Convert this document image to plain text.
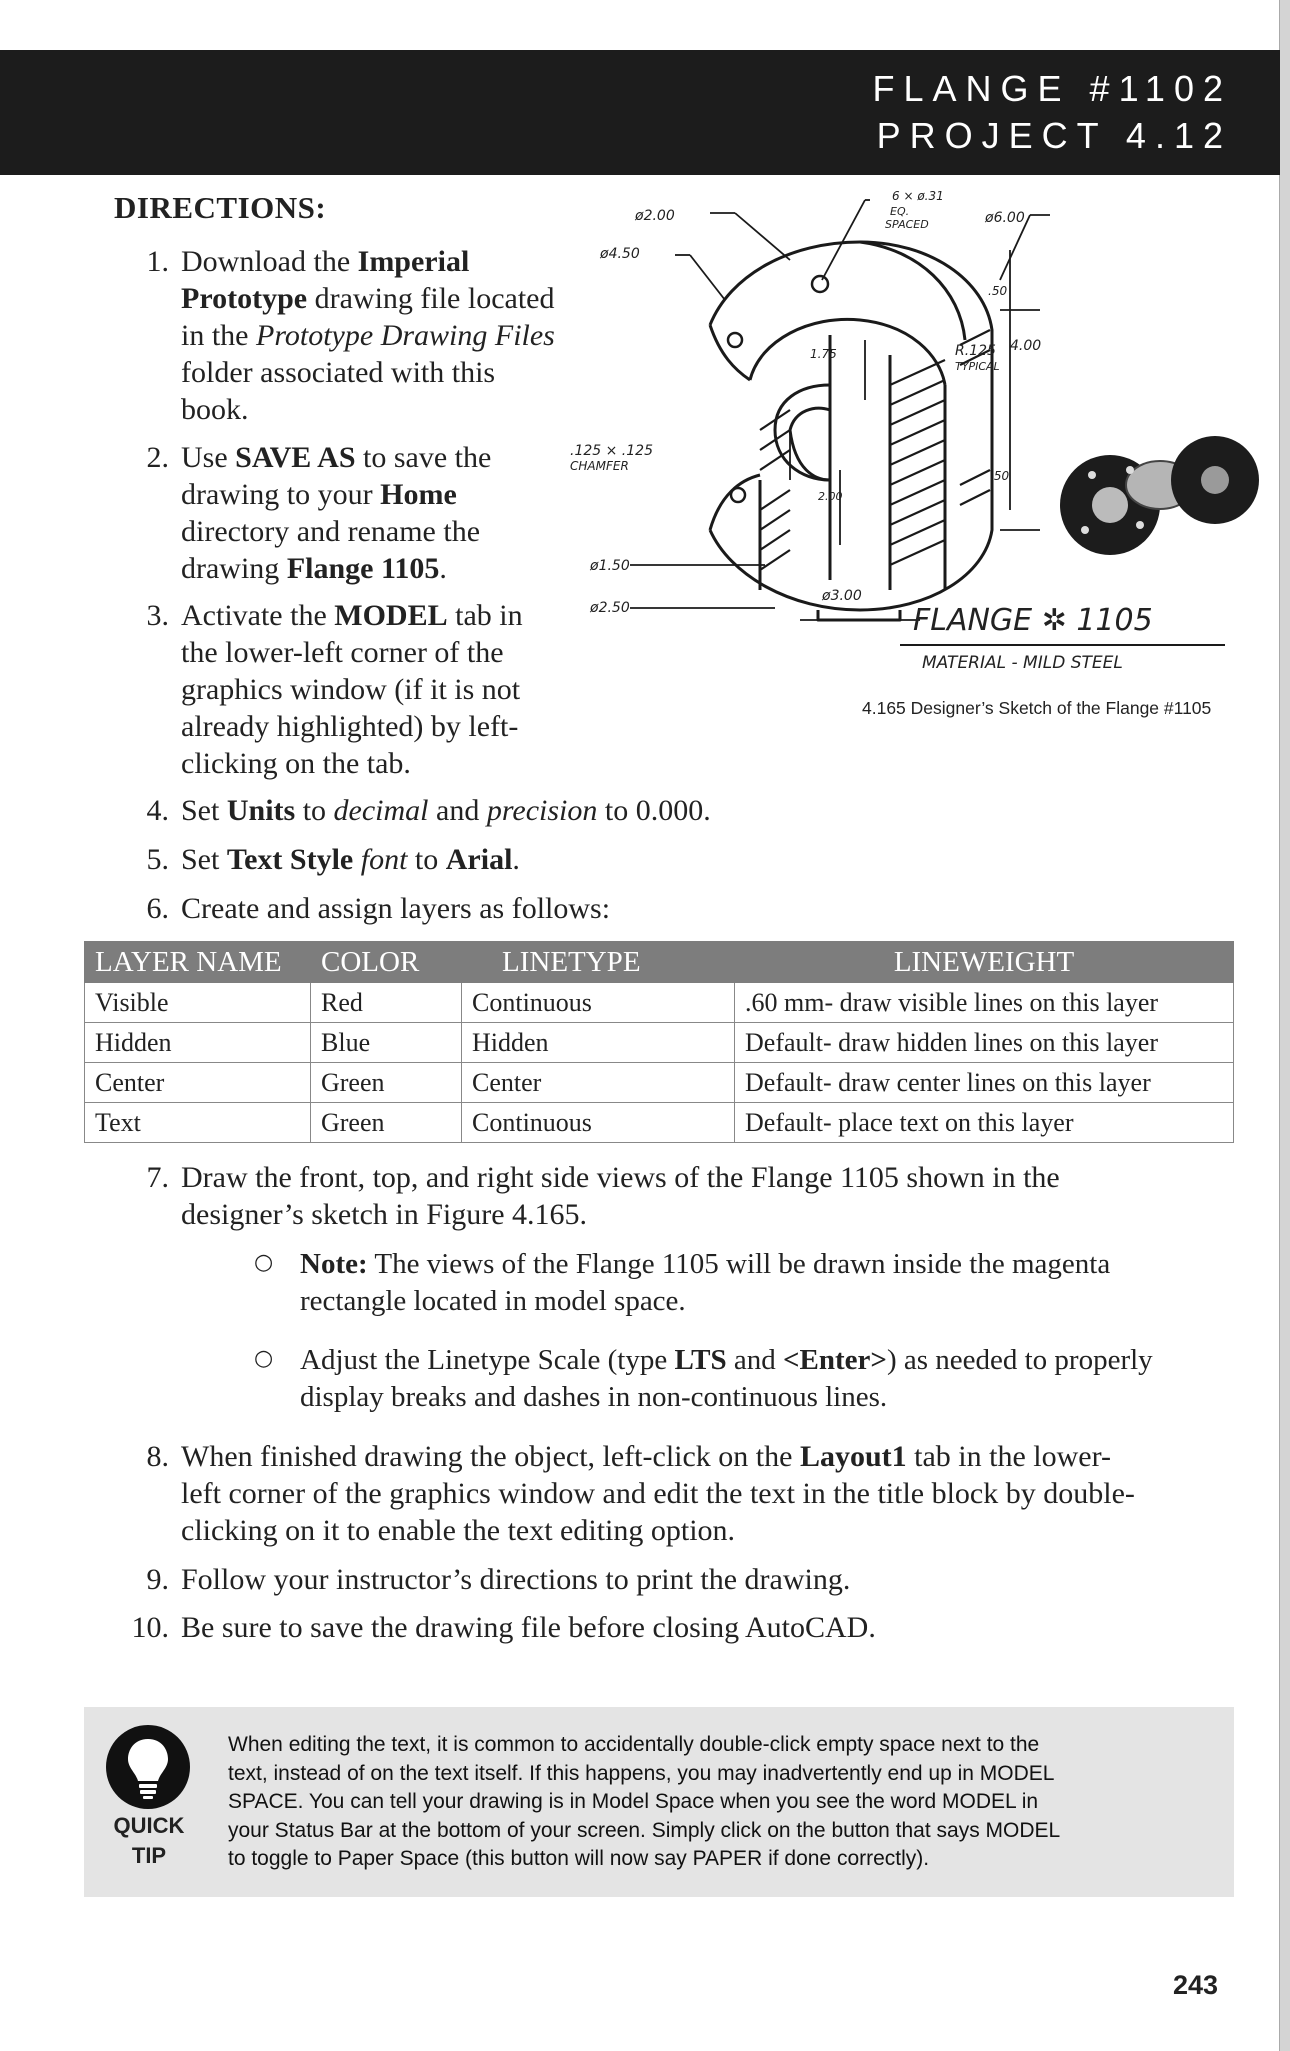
FLANGE #1102
PROJECT 4.12
DIRECTIONS:
1. Download the Imperial
Prototype drawing file located
in the Prototype Drawing Files
folder associated with this
book.
2. Use SAVE AS to save the
drawing to your Home
directory and rename the
drawing Flange 1105.
3. Activate the MODEL tab in
the lower-left corner of the
graphics window (if it is not
already highlighted) by left-
clicking on the tab.
4. Set Units to decimal and precision to 0.000.
5. Set Text Style font to Arial.
6. Create and assign layers as follows:
ø2.00
ø4.50
6 × ø.31
EQ.
SPACED	ø6.00
.50
R.125
TYPICAL
4.00
1.75
.50
.125 × .125
CHAMFER
2.00
ø1.50
ø2.50
ø3.00
FLANGE ✲ 1105
MATERIAL - MILD STEEL
4.165 Designer’s Sketch of the Flange #1105
LAYER NAME	COLOR	LINETYPE	LINEWEIGHT
Visible	Red	Continuous	.60 mm- draw visible lines on this layer
Hidden	Blue	Hidden	Default- draw hidden lines on this layer
Center	Green	Center	Default- draw center lines on this layer
Text	Green	Continuous	Default- place text on this layer
7. Draw the front, top, and right side views of the Flange 1105 shown in the
designer’s sketch in Figure 4.165.
○ Note: The views of the Flange 1105 will be drawn inside the magenta
rectangle located in model space.
○ Adjust the Linetype Scale (type LTS and <Enter>) as needed to properly
display breaks and dashes in non-continuous lines.
8. When finished drawing the object, left-click on the Layout1 tab in the lower-
left corner of the graphics window and edit the text in the title block by double-
clicking on it to enable the text editing option.
9. Follow your instructor’s directions to print the drawing.
10. Be sure to save the drawing file before closing AutoCAD.
QUICK
TIP
When editing the text, it is common to accidentally double-click empty space next to the
text, instead of on the text itself. If this happens, you may inadvertently end up in MODEL
SPACE. You can tell your drawing is in Model Space when you see the word MODEL in
your Status Bar at the bottom of your screen. Simply click on the button that says MODEL
to toggle to Paper Space (this button will now say PAPER if done correctly).
243
